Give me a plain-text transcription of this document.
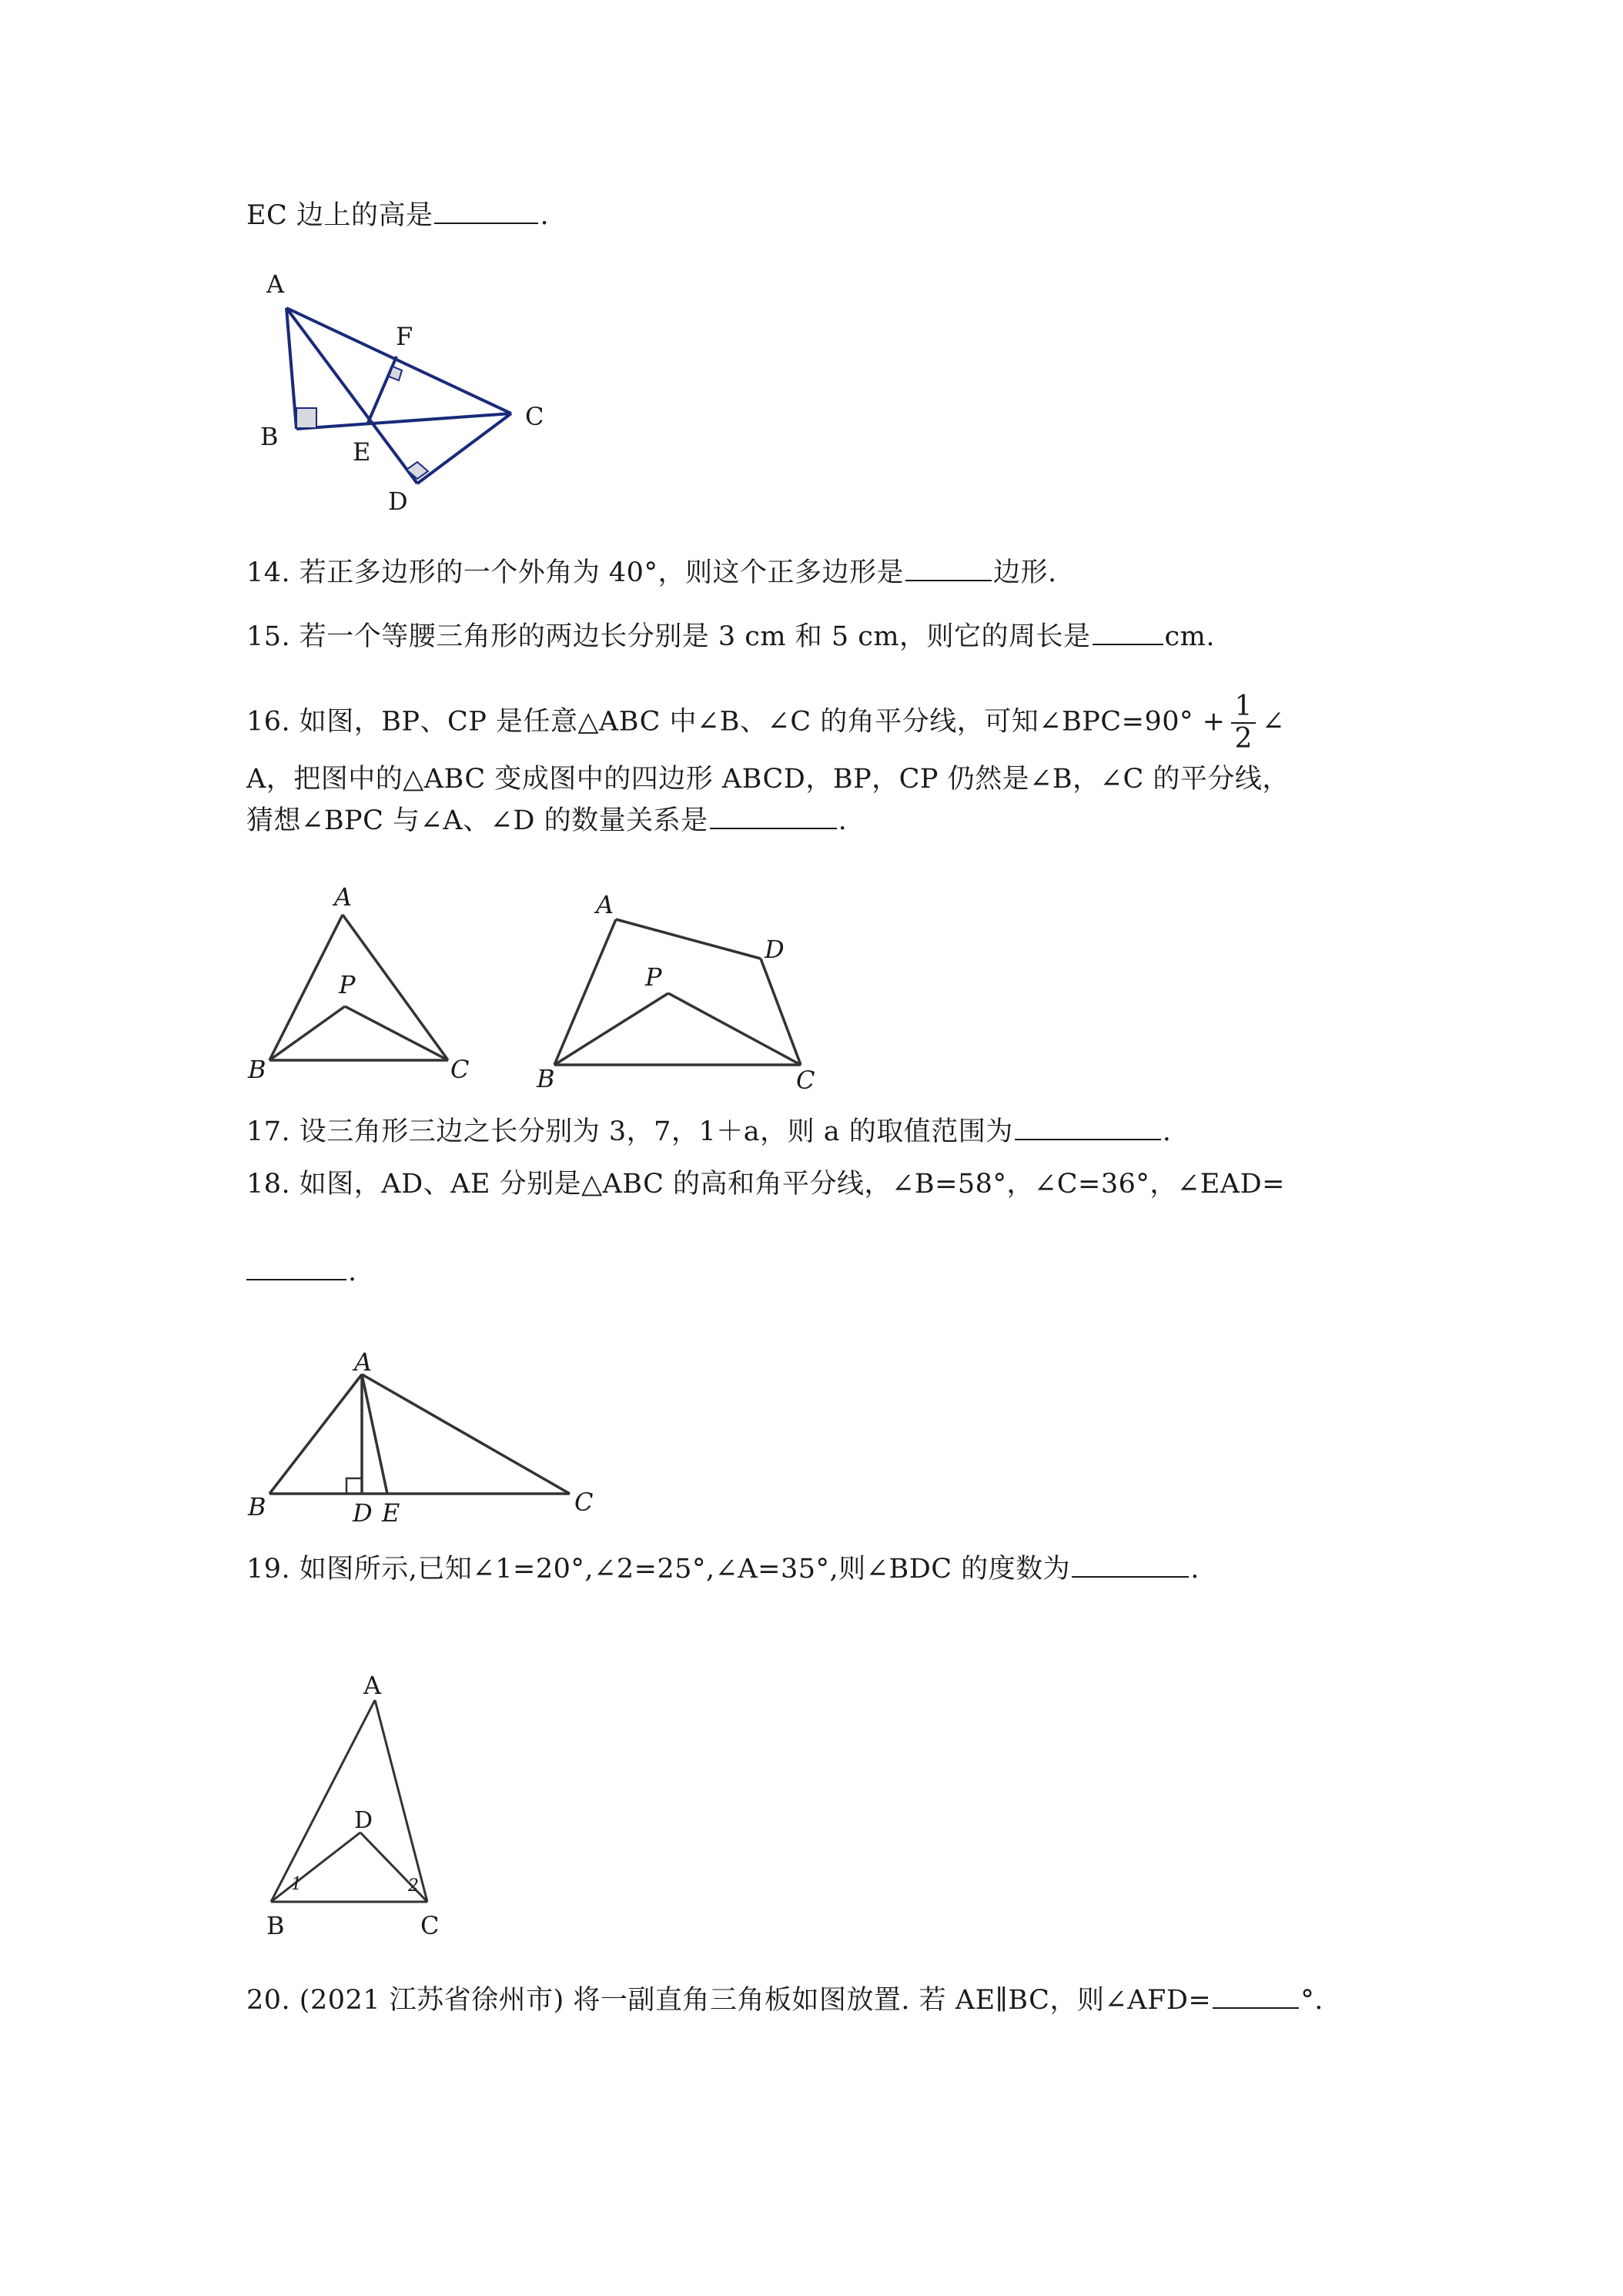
EC 边上的高是	.
A
B
C
D
E
F
14. 若正多边形的一个外角为 40°，则这个正多边形是	边形.
15. 若一个等腰三角形的两边长分别是 3 cm 和 5 cm，则它的周长是	cm.
16. 如图，BP、CP 是任意△ABC 中∠B、∠C 的角平分线，可知∠BPC=90° + $\frac{1}{2}$ ∠
A，把图中的△ABC 变成图中的四边形 ABCD，BP，CP 仍然是∠B，∠C 的平分线，
猜想∠BPC 与∠A、∠D 的数量关系是	.
A
B	C
P
A
B	C
D
P
17. 设三角形三边之长分别为 3，7，1＋a，则 a 的取值范围为	.
18. 如图，AD、AE 分别是△ABC 的高和角平分线，∠B=58°，∠C=36°，∠EAD=
.
A
B	C
D E
19. 如图所示,已知∠1=20°,∠2=25°,∠A=35°,则∠BDC 的度数为	.
A
B	C
D
1	2
20. (2021 江苏省徐州市) 将一副直角三角板如图放置. 若 AE∥BC，则∠AFD=	°.
